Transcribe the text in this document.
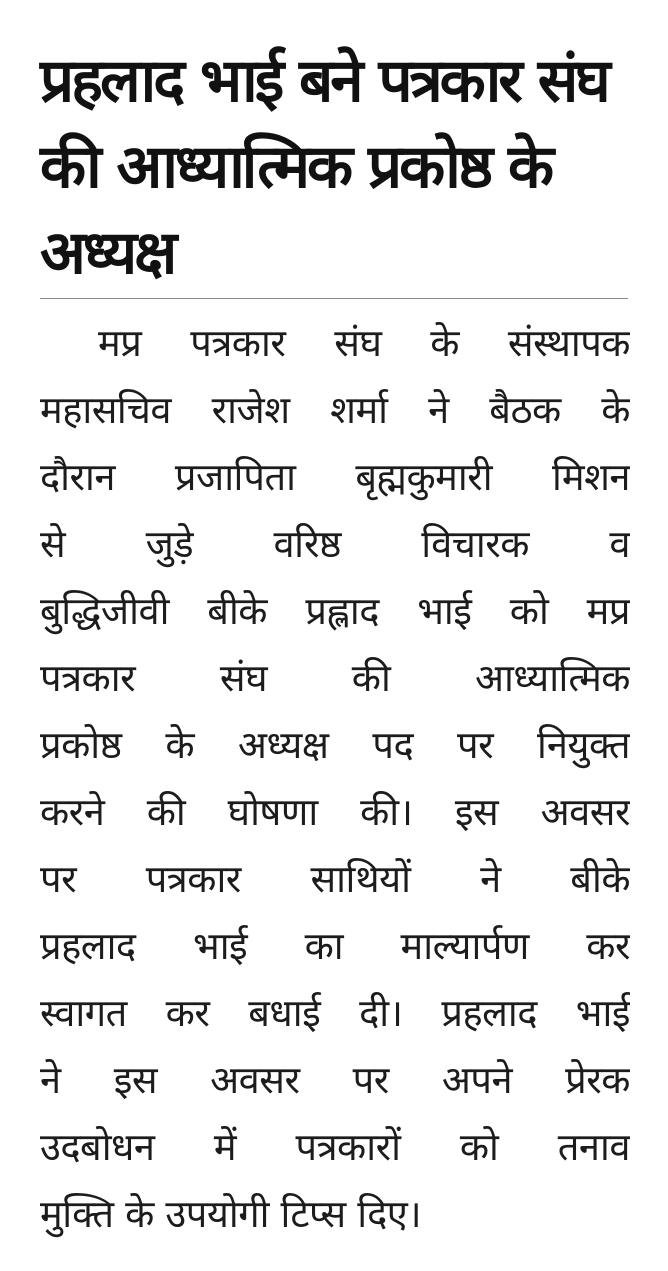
प्रहलाद भाई बने पत्रकार संघ
की आध्यात्मिक प्रकोष्ठ के
अध्यक्ष
मप्र पत्रकार संघ के संस्थापक
महासचिव राजेश शर्मा ने बैठक के
दौरान प्रजापिता बृह्मकुमारी मिशन
से जुड़े वरिष्ठ विचारक व
बुद्धिजीवी बीके प्रह्लाद भाई को मप्र
पत्रकार संघ की आध्यात्मिक
प्रकोष्ठ के अध्यक्ष पद पर नियुक्त
करने की घोषणा की। इस अवसर
पर पत्रकार साथियों ने बीके
प्रहलाद भाई का माल्यार्पण कर
स्वागत कर बधाई दी। प्रहलाद भाई
ने इस अवसर पर अपने प्रेरक
उदबोधन में पत्रकारों को तनाव
मुक्ति के उपयोगी टिप्स दिए।
